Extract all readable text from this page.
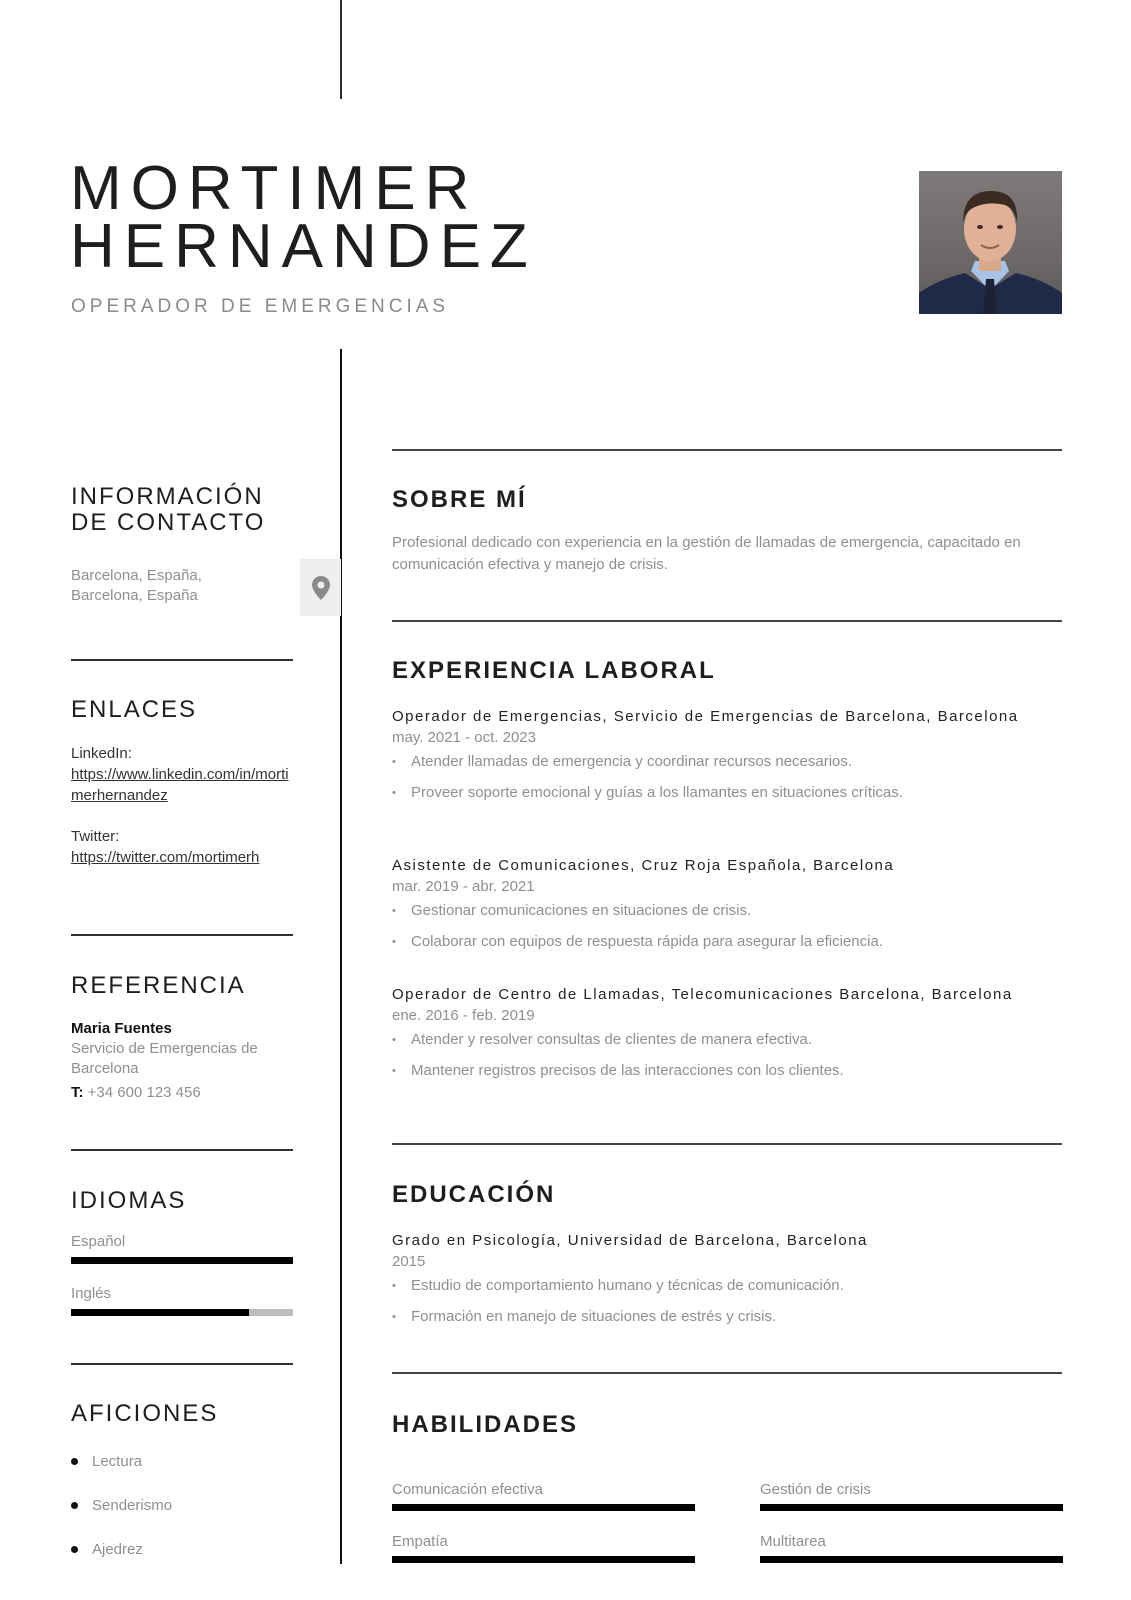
MORTIMER
HERNANDEZ
OPERADOR DE EMERGENCIAS
INFORMACIÓN
DE CONTACTO
Barcelona, España,
Barcelona, España
ENLACES
LinkedIn:
https://www.linkedin.com/in/mortimerhernandez
Twitter:
https://twitter.com/mortimerh
REFERENCIA
Maria Fuentes
Servicio de Emergencias de Barcelona
T: +34 600 123 456
IDIOMAS
Español
Inglés
AFICIONES
Lectura
Senderismo
Ajedrez
SOBRE MÍ

Profesional dedicado con experiencia en la gestión de llamadas de emergencia, capacitado en comunicación efectiva y manejo de crisis.

EXPERIENCIA LABORAL
Operador de Emergencias, Servicio de Emergencias de Barcelona, Barcelona
may. 2021 - oct. 2023
• Atender llamadas de emergencia y coordinar recursos necesarios.
• Proveer soporte emocional y guías a los llamantes en situaciones críticas.
Asistente de Comunicaciones, Cruz Roja Española, Barcelona
mar. 2019 - abr. 2021
• Gestionar comunicaciones en situaciones de crisis.
• Colaborar con equipos de respuesta rápida para asegurar la eficiencia.
Operador de Centro de Llamadas, Telecomunicaciones Barcelona, Barcelona
ene. 2016 - feb. 2019
• Atender y resolver consultas de clientes de manera efectiva.
• Mantener registros precisos de las interacciones con los clientes.
EDUCACIÓN
Grado en Psicología, Universidad de Barcelona, Barcelona
2015
• Estudio de comportamiento humano y técnicas de comunicación.
• Formación en manejo de situaciones de estrés y crisis.
HABILIDADES
Comunicación efectiva	Gestión de crisis
Empatía	Multitarea
